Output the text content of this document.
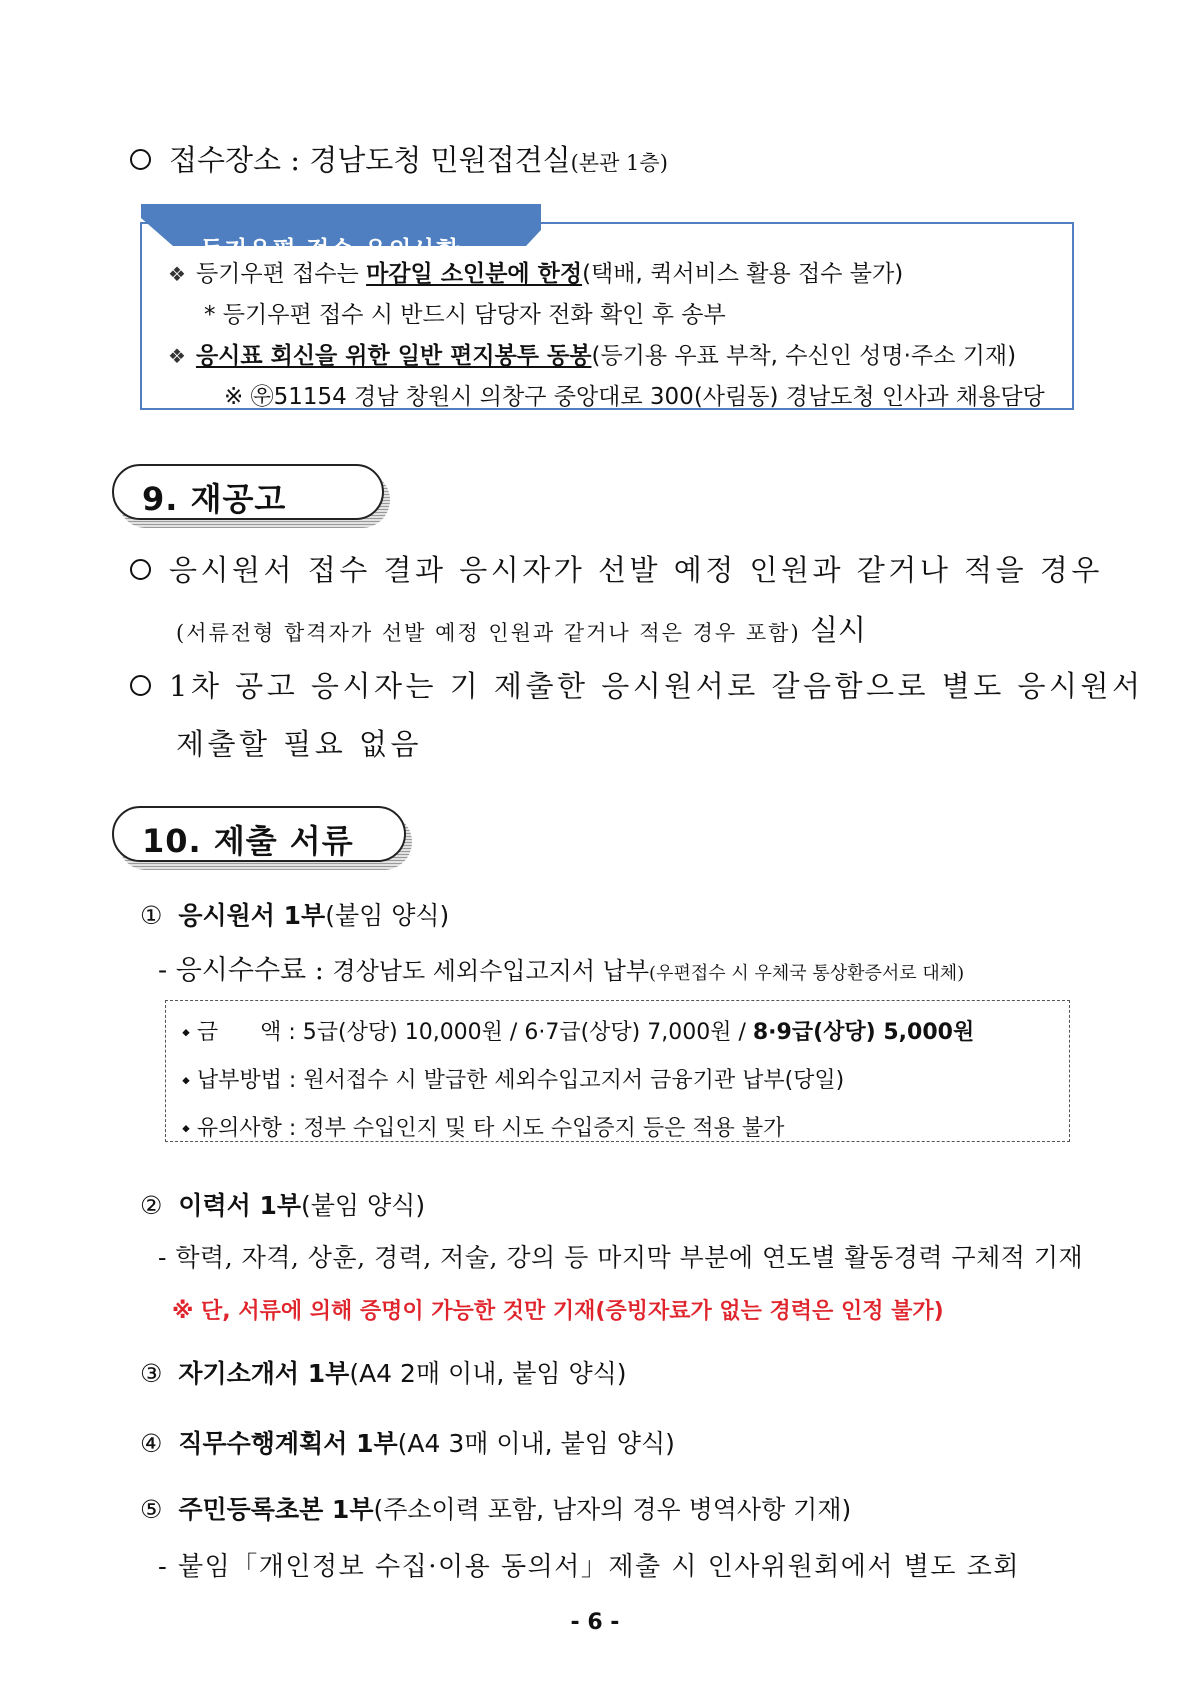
접수장소 : 경남도청 민원접견실(본관 1층)
등기우편 접수 유의사항
❖ 등기우편 접수는 마감일 소인분에 한정(택배, 퀵서비스 활용 접수 불가)
* 등기우편 접수 시 반드시 담당자 전화 확인 후 송부
❖ 응시표 회신을 위한 일반 편지봉투 동봉(등기용 우표 부착, 수신인 성명·주소 기재)
※ ㉾51154 경남 창원시 의창구 중앙대로 300(사림동) 경남도청 인사과 채용담당
9. 재공고
응시원서 접수 결과 응시자가 선발 예정 인원과 같거나 적을 경우
(서류전형 합격자가 선발 예정 인원과 같거나 적은 경우 포함) 실시
1차 공고 응시자는 기 제출한 응시원서로 갈음함으로 별도 응시원서
제출할 필요 없음
10. 제출 서류
① 응시원서 1부(붙임 양식)
- 응시수수료 : 경상남도 세외수입고지서 납부(우편접수 시 우체국 통상환증서로 대체)
⬩ 금      액 : 5급(상당) 10,000원 / 6·7급(상당) 7,000원 / 8·9급(상당) 5,000원
⬩ 납부방법 : 원서접수 시 발급한 세외수입고지서 금융기관 납부(당일)
⬩ 유의사항 : 정부 수입인지 및 타 시도 수입증지 등은 적용 불가
② 이력서 1부(붙임 양식)
- 학력, 자격, 상훈, 경력, 저술, 강의 등 마지막 부분에 연도별 활동경력 구체적 기재
※ 단, 서류에 의해 증명이 가능한 것만 기재(증빙자료가 없는 경력은 인정 불가)
③ 자기소개서 1부(A4 2매 이내, 붙임 양식)
④ 직무수행계획서 1부(A4 3매 이내, 붙임 양식)
⑤ 주민등록초본 1부(주소이력 포함, 남자의 경우 병역사항 기재)
- 붙임「개인정보 수집·이용 동의서」제출 시 인사위원회에서 별도 조회
- 6 -
